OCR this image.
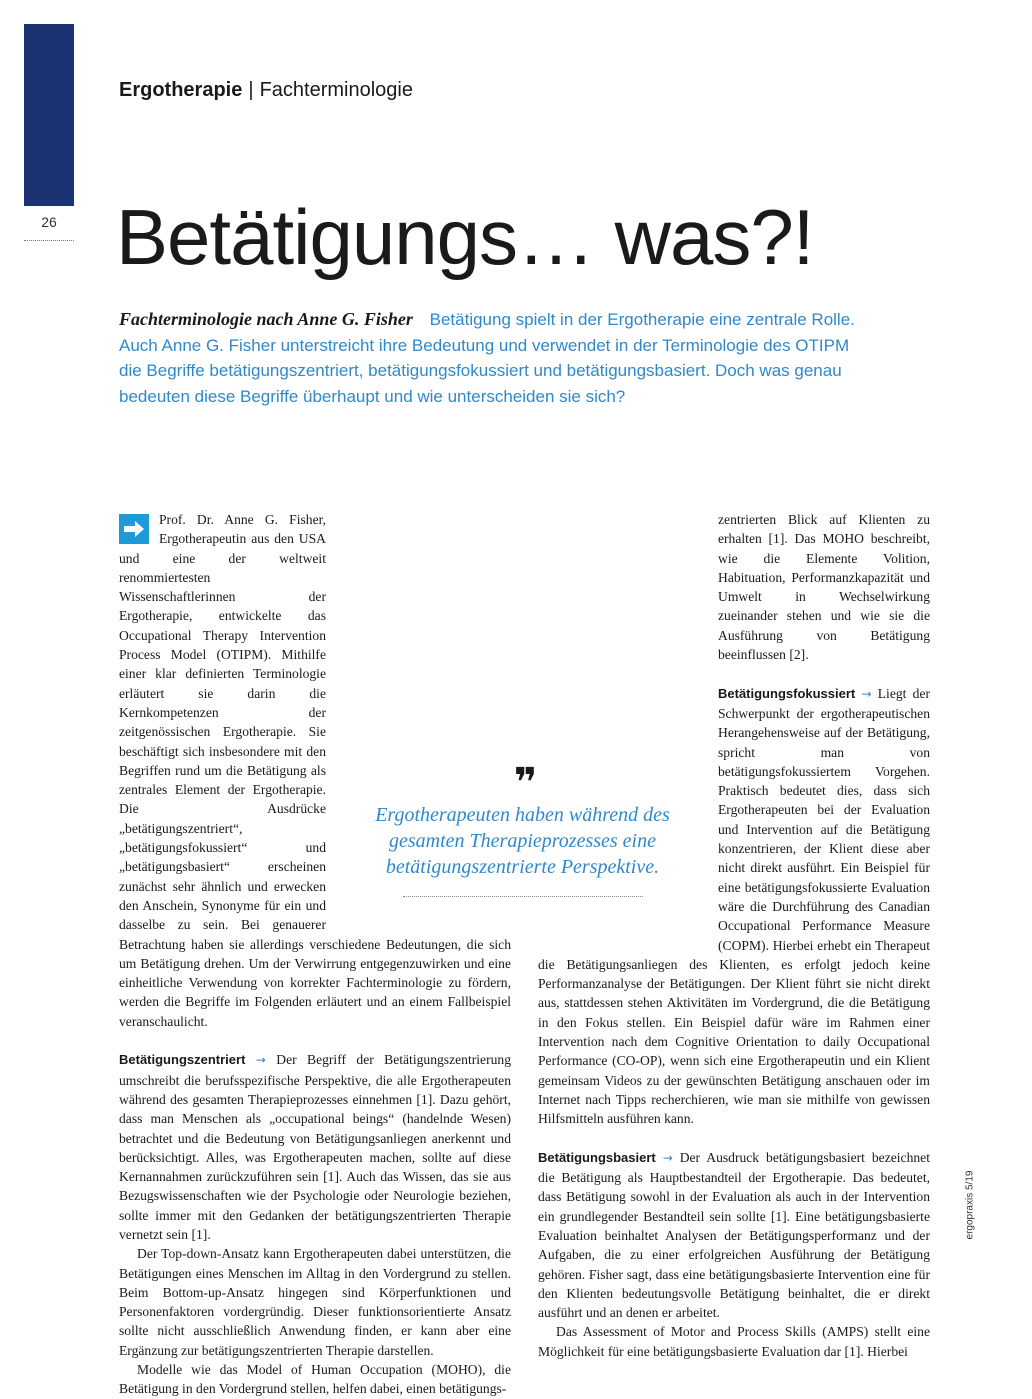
26
Ergotherapie | Fachterminologie
Betätigungs… was?!

Fachterminologie nach Anne G. Fisher Betätigung spielt in der Ergotherapie eine zentrale Rolle. Auch Anne G. Fisher unterstreicht ihre Bedeutung und verwendet in der Terminologie des OTIPM die Begriffe betätigungszentriert, betätigungsfokussiert und betätigungsbasiert. Doch was genau bedeuten diese Begriffe überhaupt und wie unterscheiden sie sich?

Prof. Dr. Anne G. Fisher, Ergotherapeutin aus den USA und eine der weltweit renommiertesten Wissenschaftlerinnen der Ergotherapie, entwickelte das Occupational Therapy Intervention Process Model (OTIPM). Mithilfe einer klar definierten Terminologie erläutert sie darin die Kernkompetenzen der zeitgenössischen Ergotherapie. Sie beschäftigt sich insbesondere mit den Begriffen rund um die Betätigung als zentrales Element der Ergotherapie. Die Ausdrücke „betätigungszentriert“, „betätigungsfokussiert“ und „betätigungsbasiert“ erscheinen zunächst sehr ähnlich und erwecken den Anschein, Synonyme für ein und dasselbe zu sein. Bei genauerer Betrachtung haben sie allerdings verschiedene Bedeutungen, die sich um Betätigung drehen. Um der Verwirrung entgegenzuwirken und eine einheitliche Verwendung von korrekter Fachterminologie zu fördern, werden die Begriffe im Folgenden erläutert und an einem Fallbeispiel veranschaulicht.

Betätigungszentriert → Der Begriff der Betätigungszentrierung umschreibt die berufsspezifische Perspektive, die alle Ergotherapeuten während des gesamten Therapieprozesses einnehmen [1]. Dazu gehört, dass man Menschen als „occupational beings“ (handelnde Wesen) betrachtet und die Bedeutung von Betätigungsanliegen anerkennt und berücksichtigt. Alles, was Ergotherapeuten machen, sollte auf diese Kernannahmen zurückzuführen sein [1]. Auch das Wissen, das sie aus Bezugswissenschaften wie der Psychologie oder Neurologie beziehen, sollte immer mit den Gedanken der betätigungszentrierten Therapie vernetzt sein [1].

Der Top-down-Ansatz kann Ergotherapeuten dabei unterstützen, die Betätigungen eines Menschen im Alltag in den Vordergrund zu stellen. Beim Bottom-up-Ansatz hingegen sind Körperfunktionen und Personenfaktoren vordergründig. Dieser funktionsorientierte Ansatz sollte nicht ausschließlich Anwendung finden, er kann aber eine Ergänzung zur betätigungszentrierten Therapie darstellen.

Modelle wie das Model of Human Occupation (MOHO), die Betätigung in den Vordergrund stellen, helfen dabei, einen betätigungs-

zentrierten Blick auf Klienten zu erhalten [1]. Das MOHO beschreibt, wie die Elemente Volition, Habituation, Performanzkapazität und Umwelt in Wechselwirkung zueinander stehen und wie sie die Ausführung von Betätigung beeinflussen [2].

Betätigungsfokussiert → Liegt der Schwerpunkt der ergotherapeutischen Herangehensweise auf der Betätigung, spricht man von betätigungsfokussiertem Vorgehen. Praktisch bedeutet dies, dass sich Ergotherapeuten bei der Evaluation und Intervention auf die Betätigung konzentrieren, der Klient diese aber nicht direkt ausführt. Ein Beispiel für eine betätigungsfokussierte Evaluation wäre die Durchführung des Canadian Occupational Performance Measure (COPM). Hierbei erhebt ein Therapeut die Betätigungsanliegen des Klienten, es erfolgt jedoch keine Performanzanalyse der Betätigungen. Der Klient führt sie nicht direkt aus, stattdessen stehen Aktivitäten im Vordergrund, die die Betätigung in den Fokus stellen. Ein Beispiel dafür wäre im Rahmen einer Intervention nach dem Cognitive Orientation to daily Occupational Performance (CO-OP), wenn sich eine Ergotherapeutin und ein Klient gemeinsam Videos zu der gewünschten Betätigung anschauen oder im Internet nach Tipps recherchieren, wie man sie mithilfe von gewissen Hilfsmitteln ausführen kann.

Betätigungsbasiert → Der Ausdruck betätigungsbasiert bezeichnet die Betätigung als Hauptbestandteil der Ergotherapie. Das bedeutet, dass Betätigung sowohl in der Evaluation als auch in der Intervention ein grundlegender Bestandteil sein sollte [1]. Eine betätigungsbasierte Evaluation beinhaltet Analysen der Betätigungsperformanz und der Aufgaben, die zu einer erfolgreichen Ausführung der Betätigung gehören. Fisher sagt, dass eine betätigungsbasierte Intervention eine für den Klienten bedeutungsvolle Betätigung beinhaltet, die er direkt ausführt und an denen er arbeitet.

Das Assessment of Motor and Process Skills (AMPS) stellt eine Möglichkeit für eine betätigungsbasierte Evaluation dar [1]. Hierbei

❞
Ergotherapeuten haben während des gesamten Therapieprozesses eine betätigungszentrierte Perspektive.
ergopraxis 5/19
